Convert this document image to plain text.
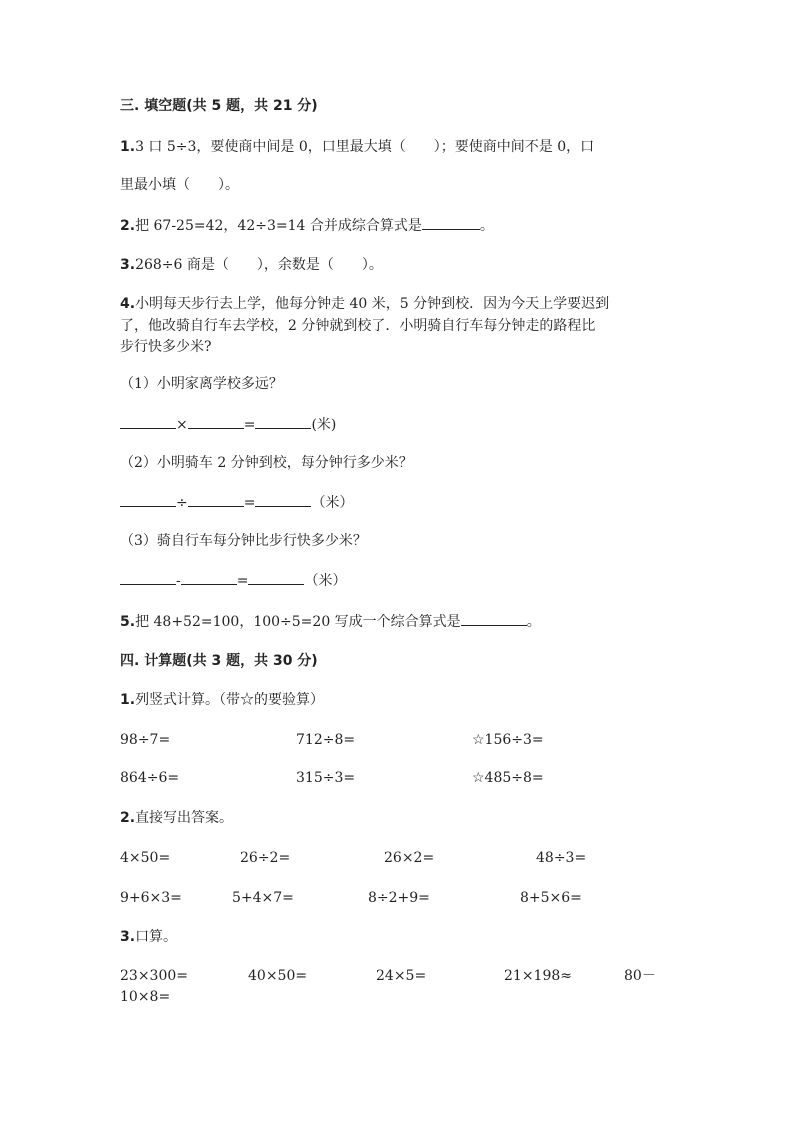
三. 填空题(共 5 题，共 21 分)
1.3 口 5÷3，要使商中间是 0，口里最大填（　　）；要使商中间不是 0，口
里最小填（　　）。
2.把 67-25=42，42÷3=14 合并成综合算式是	。
3.268÷6 商是（　　），余数是（　　）。
4.小明每天步行去上学，他每分钟走 40 米，5 分钟到校．因为今天上学要迟到
了，他改骑自行车去学校，2 分钟就到校了．小明骑自行车每分钟走的路程比
步行快多少米?
（1）小明家离学校多远？
×	=	(米)
（2）小明骑车 2 分钟到校，每分钟行多少米？
÷	=	（米）
（3）骑自行车每分钟比步行快多少米？
-	=	（米）
5.把 48+52=100，100÷5=20 写成一个综合算式是	。
四. 计算题(共 3 题，共 30 分)
1.列竖式计算。（带☆的要验算）
98÷7=	712÷8=	☆156÷3=
864÷6=	315÷3=	☆485÷8=
2.直接写出答案。
4×50=	26÷2=	26×2=	48÷3=
9+6×3=	5+4×7=	8÷2+9=	8+5×6=
3.口算。
23×300=	40×50=	24×5=	21×198≈	80－
10×8=
